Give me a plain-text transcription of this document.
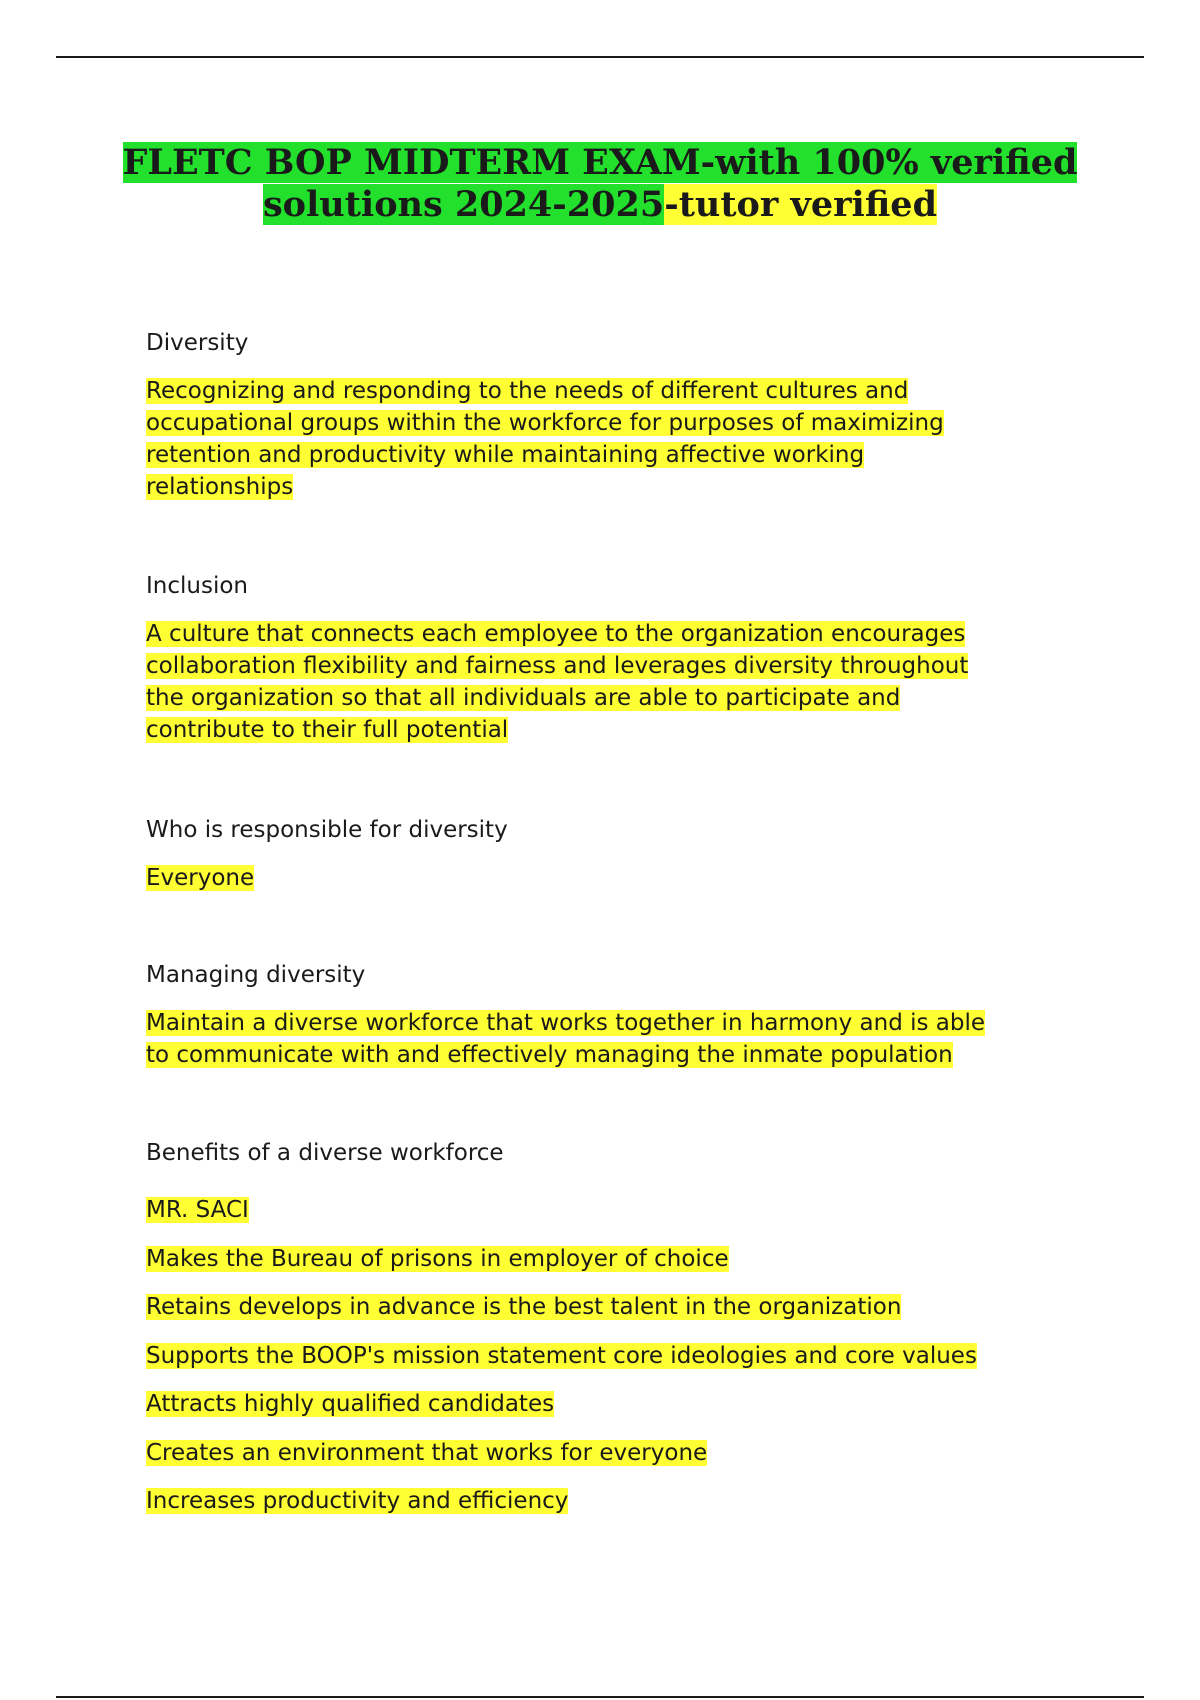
FLETC BOP MIDTERM EXAM-with 100% verified
solutions 2024-2025-tutor verified

Diversity

Recognizing and responding to the needs of different cultures and
occupational groups within the workforce for purposes of maximizing
retention and productivity while maintaining affective working
relationships

Inclusion

A culture that connects each employee to the organization encourages
collaboration flexibility and fairness and leverages diversity throughout
the organization so that all individuals are able to participate and
contribute to their full potential

Who is responsible for diversity

Everyone

Managing diversity

Maintain a diverse workforce that works together in harmony and is able
to communicate with and effectively managing the inmate population

Benefits of a diverse workforce

MR. SACI
Makes the Bureau of prisons in employer of choice
Retains develops in advance is the best talent in the organization
Supports the BOOP's mission statement core ideologies and core values
Attracts highly qualified candidates
Creates an environment that works for everyone
Increases productivity and efficiency
